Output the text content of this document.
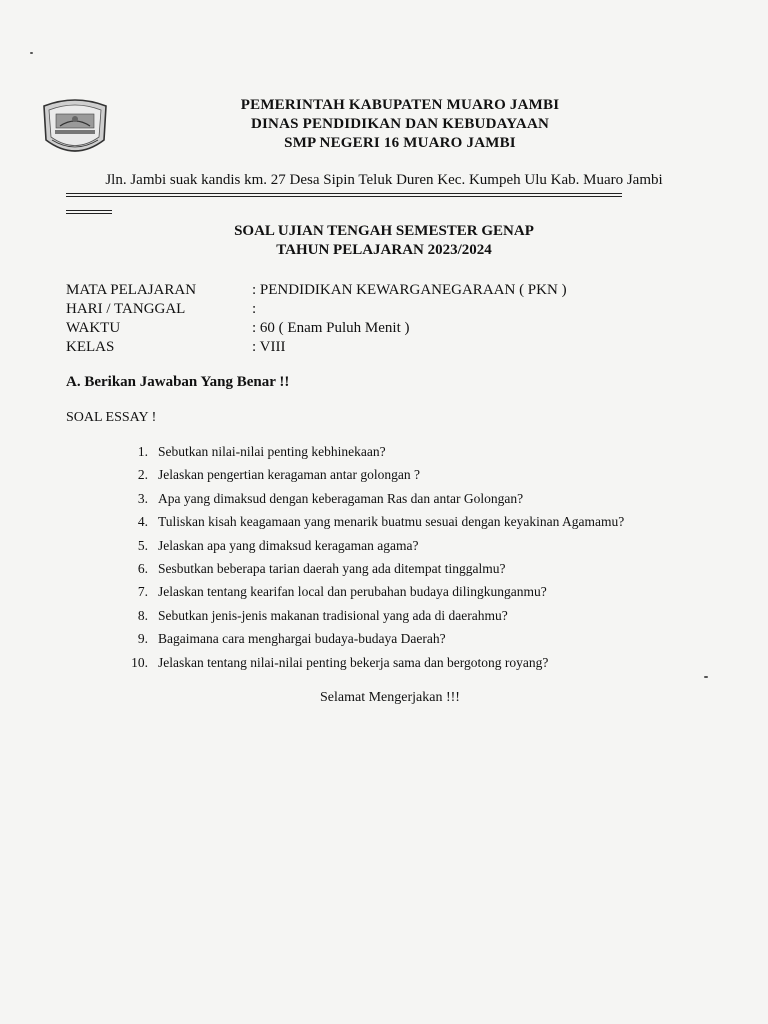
PEMERINTAH KABUPATEN MUARO JAMBI
DINAS PENDIDIKAN DAN KEBUDAYAAN
SMP NEGERI 16 MUARO JAMBI
Jln. Jambi suak kandis km. 27 Desa Sipin Teluk Duren Kec. Kumpeh Ulu Kab. Muaro Jambi
SOAL UJIAN TENGAH SEMESTER GENAP
TAHUN PELAJARAN 2023/2024
MATA PELAJARAN	: PENDIDIKAN KEWARGANEGARAAN ( PKN )
HARI / TANGGAL	:
WAKTU	: 60 ( Enam Puluh Menit )
KELAS	: VIII
A. Berikan Jawaban Yang Benar !!
SOAL ESSAY !
1. Sebutkan nilai-nilai penting kebhinekaan?
2. Jelaskan pengertian keragaman antar golongan ?
3. Apa yang dimaksud dengan keberagaman Ras dan antar Golongan?
4. Tuliskan kisah keagamaan yang menarik buatmu sesuai dengan keyakinan Agamamu?
5. Jelaskan apa yang dimaksud keragaman agama?
6. Sesbutkan beberapa tarian daerah yang ada ditempat tinggalmu?
7. Jelaskan tentang kearifan local dan perubahan budaya dilingkunganmu?
8. Sebutkan jenis-jenis makanan tradisional yang ada di daerahmu?
9. Bagaimana cara menghargai budaya-budaya Daerah?
10. Jelaskan tentang nilai-nilai penting bekerja sama dan bergotong royang?
Selamat Mengerjakan !!!
